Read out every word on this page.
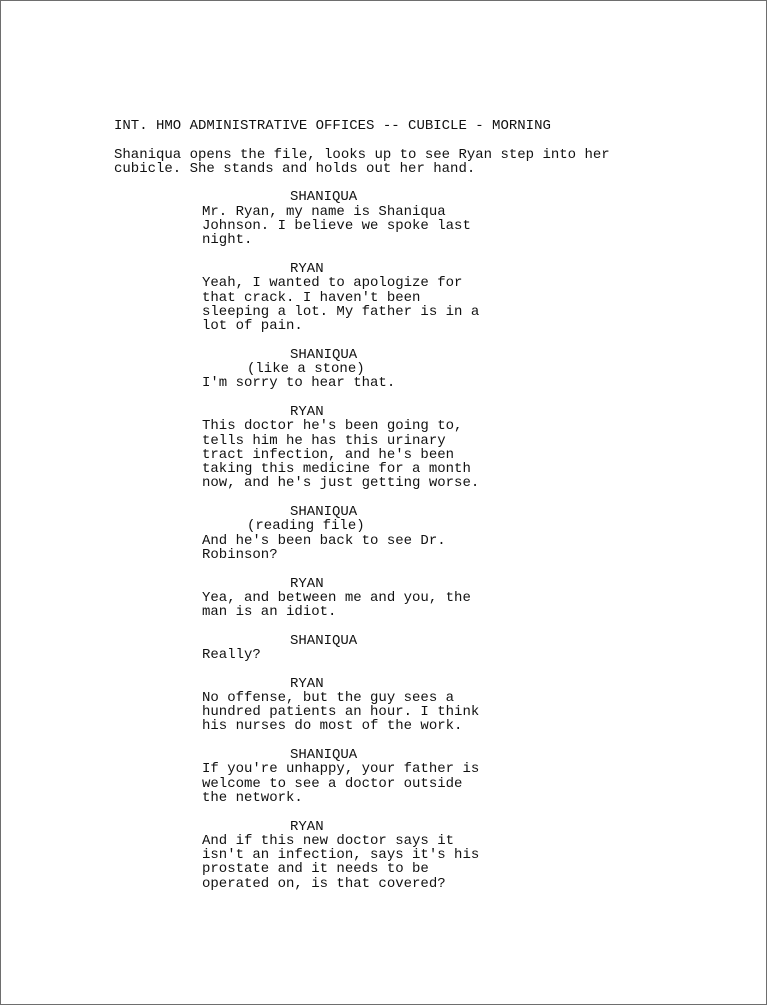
INT. HMO ADMINISTRATIVE OFFICES -- CUBICLE - MORNING
Shaniqua opens the file, looks up to see Ryan step into her
cubicle. She stands and holds out her hand.
SHANIQUA
Mr. Ryan, my name is Shaniqua
Johnson. I believe we spoke last
night.
RYAN
Yeah, I wanted to apologize for
that crack. I haven't been
sleeping a lot. My father is in a
lot of pain.
SHANIQUA
(like a stone)
I'm sorry to hear that.
RYAN
This doctor he's been going to,
tells him he has this urinary
tract infection, and he's been
taking this medicine for a month
now, and he's just getting worse.
SHANIQUA
(reading file)
And he's been back to see Dr.
Robinson?
RYAN
Yea, and between me and you, the
man is an idiot.
SHANIQUA
Really?
RYAN
No offense, but the guy sees a
hundred patients an hour. I think
his nurses do most of the work.
SHANIQUA
If you're unhappy, your father is
welcome to see a doctor outside
the network.
RYAN
And if this new doctor says it
isn't an infection, says it's his
prostate and it needs to be
operated on, is that covered?
